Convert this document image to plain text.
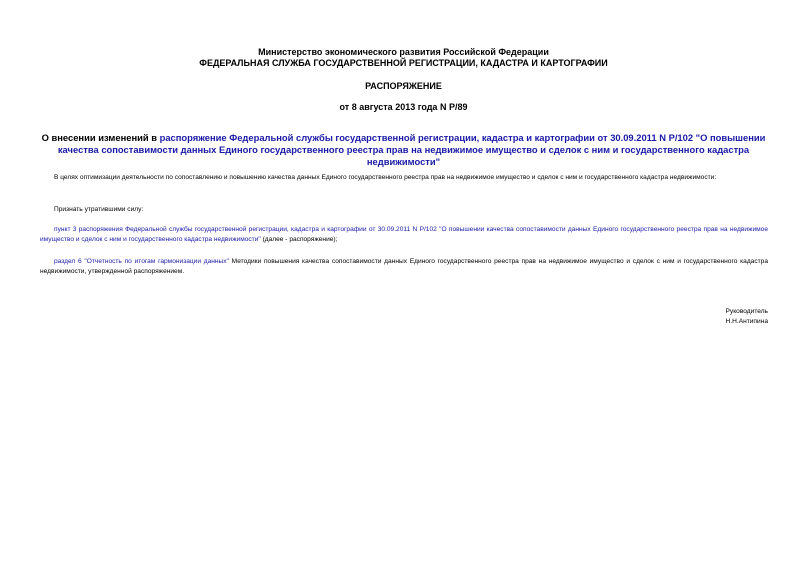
Министерство экономического развития Российской Федерации
ФЕДЕРАЛЬНАЯ СЛУЖБА ГОСУДАРСТВЕННОЙ РЕГИСТРАЦИИ, КАДАСТРА И КАРТОГРАФИИ
РАСПОРЯЖЕНИЕ
от 8 августа 2013 года N Р/89
О внесении изменений в распоряжение Федеральной службы государственной регистрации, кадастра и картографии от 30.09.2011 N Р/102 "О повышении качества сопоставимости данных Единого государственного реестра прав на недвижимое имущество и сделок с ним и государственного кадастра недвижимости"
В целях оптимизации деятельности по сопоставлению и повышению качества данных Единого государственного реестра прав на недвижимое имущество и сделок с ним и государственного кадастра недвижимости:
Признать утратившими силу:
пункт 3 распоряжения Федеральной службы государственной регистрации, кадастра и картографии от 30.09.2011 N Р/102 "О повышении качества сопоставимости данных Единого государственного реестра прав на недвижимое имущество и сделок с ним и государственного кадастра недвижимости" (далее - распоряжение);
раздел 6 "Отчетность по итогам гармонизации данных" Методики повышения качества сопоставимости данных Единого государственного реестра прав на недвижимое имущество и сделок с ним и государственного кадастра недвижимости, утвержденной распоряжением.
Руководитель
Н.Н.Антипина
